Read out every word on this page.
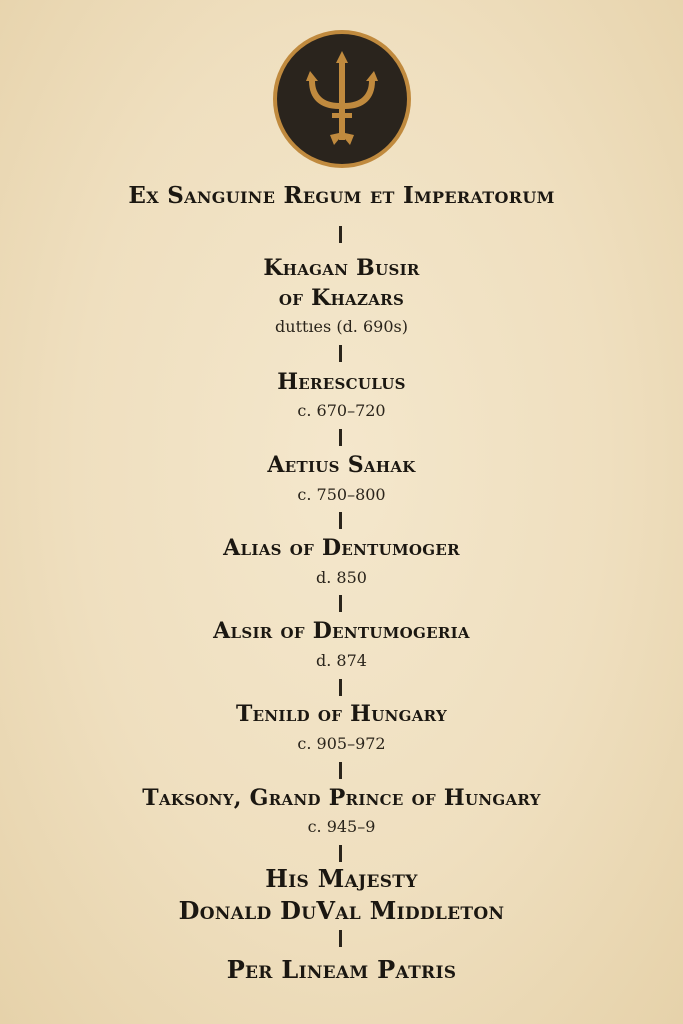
Ex Sanguine Regum et Imperatorum
Khagan Busir
of Khazars
duttıes (d. 690s)
Heresculus
c. 670–720
Aetius Sahak
c. 750–800
Alias of Dentumoger
d. 850
Alsir of Dentumogeria
d. 874
Tenild of Hungary
c. 905–972
Taksony, Grand Prince of Hungary
c. 945–9
His Majesty
Donald DuVal Middleton
Per Lineam Patris
